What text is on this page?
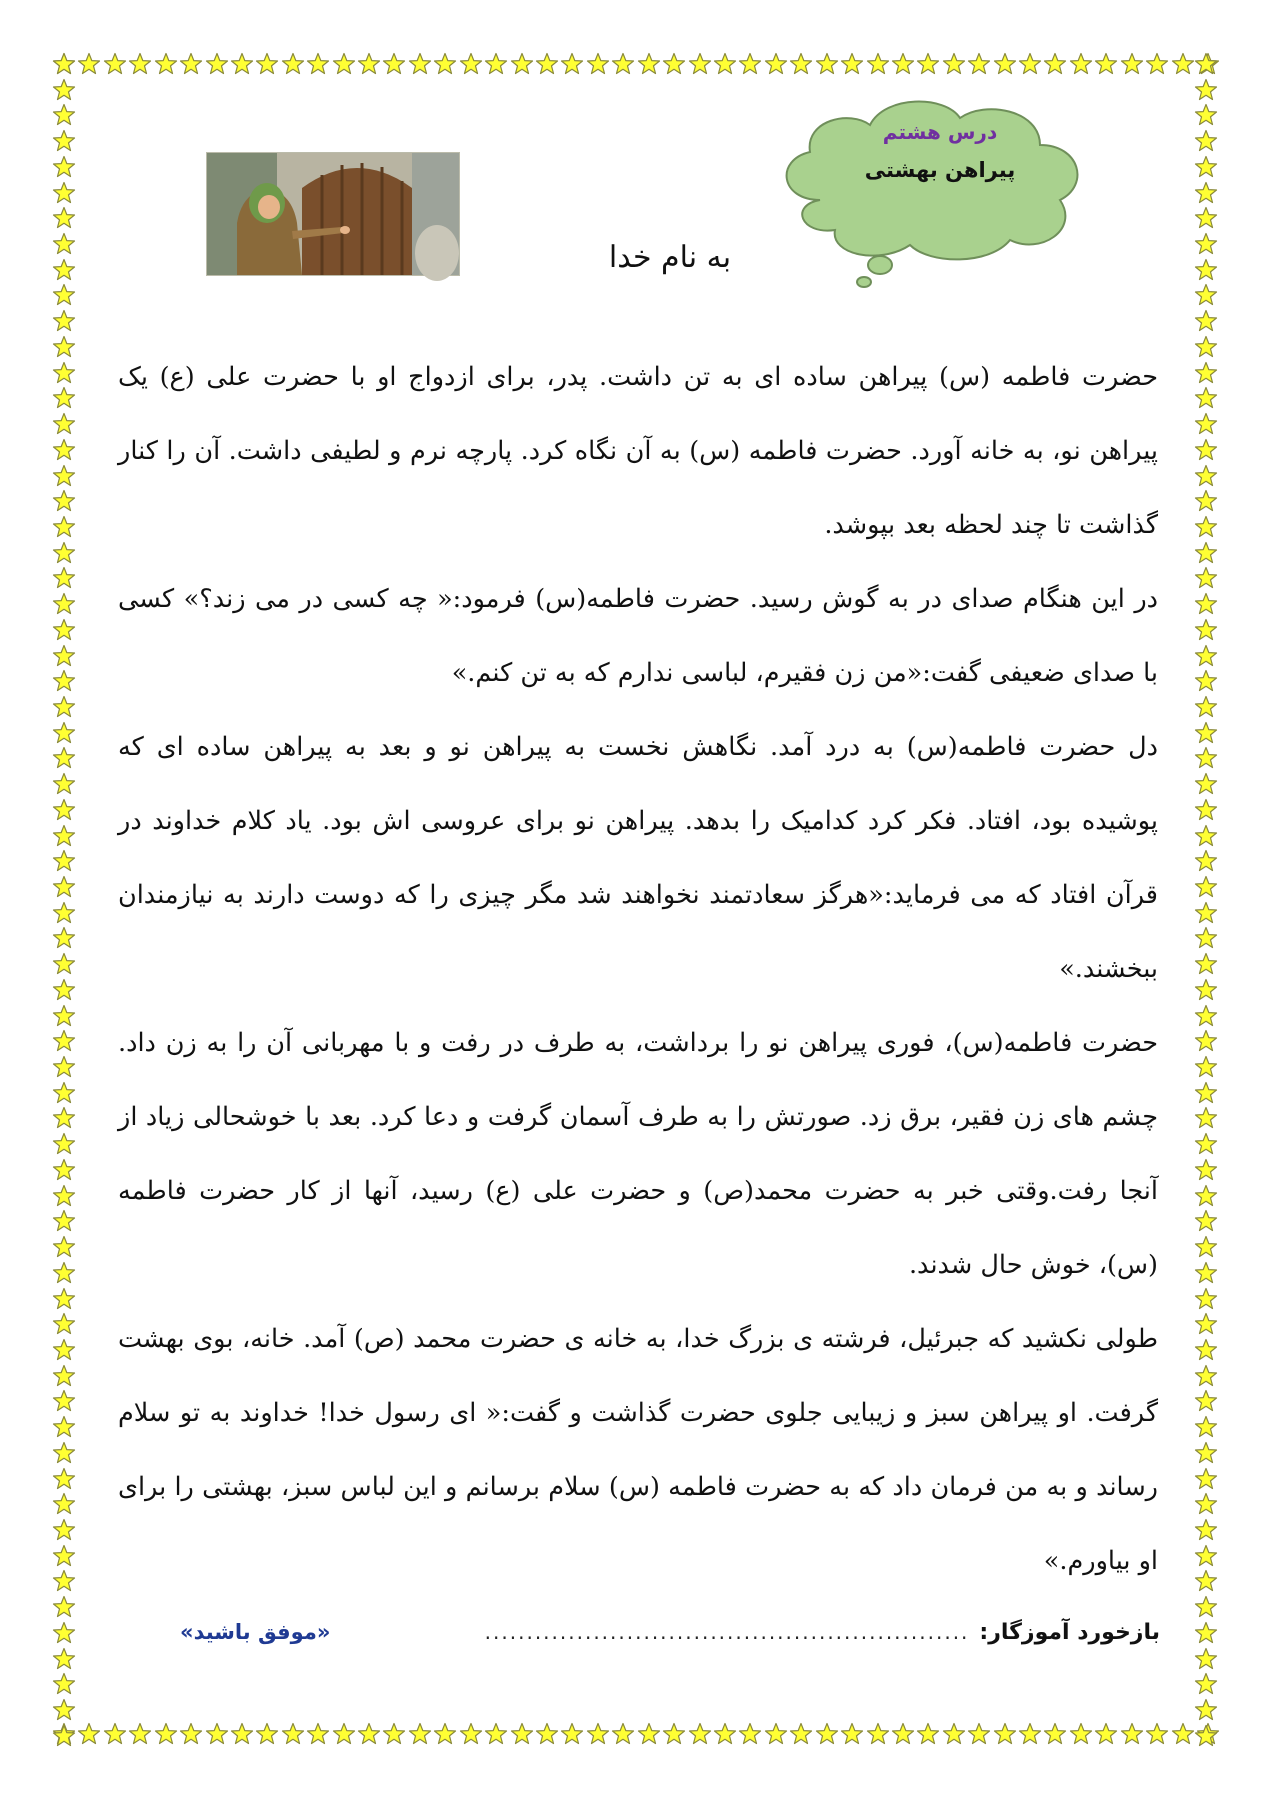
درس هشتم
پیراهن بهشتی
به نام خدا

حضرت فاطمه (س) پیراهن ساده ای به تن داشت. پدر، برای ازدواج او با حضرت علی (ع) یک پیراهن نو، به خانه آورد. حضرت فاطمه (س) به آن نگاه کرد. پارچه نرم و لطیفی داشت. آن را کنار گذاشت تا چند لحظه بعد بپوشد.

در این هنگام صدای در به گوش رسید. حضرت فاطمه(س) فرمود:« چه کسی در می زند؟» کسی با صدای ضعیفی گفت:«من زن فقیرم، لباسی ندارم که به تن کنم.»

دل حضرت فاطمه(س) به درد آمد. نگاهش نخست به پیراهن نو و بعد به پیراهن ساده ای که پوشیده بود، افتاد. فکر کرد کدامیک را بدهد. پیراهن نو برای عروسی اش بود. یاد کلام خداوند در قرآن افتاد که می فرماید:«هرگز سعادتمند نخواهند شد مگر چیزی را که دوست دارند به نیازمندان ببخشند.»

حضرت فاطمه(س)، فوری پیراهن نو را برداشت، به طرف در رفت و با مهربانی آن را به زن داد. چشم های زن فقیر، برق زد. صورتش را به طرف آسمان گرفت و دعا کرد. بعد با خوشحالی زیاد از آنجا رفت.وقتی خبر به حضرت محمد(ص) و حضرت علی (ع) رسید، آنها از کار حضرت فاطمه (س)، خوش حال شدند.

طولی نکشید که جبرئیل، فرشته ی بزرگ خدا، به خانه ی حضرت محمد (ص) آمد. خانه، بوی بهشت گرفت. او پیراهن سبز و زیبایی جلوی حضرت گذاشت و گفت:« ای رسول خدا! خداوند به تو سلام رساند و به من فرمان داد که به حضرت فاطمه (س) سلام برسانم و این لباس سبز، بهشتی را برای او بیاورم.»

بازخورد آموزگار:
..........................................................
«موفق باشید»
